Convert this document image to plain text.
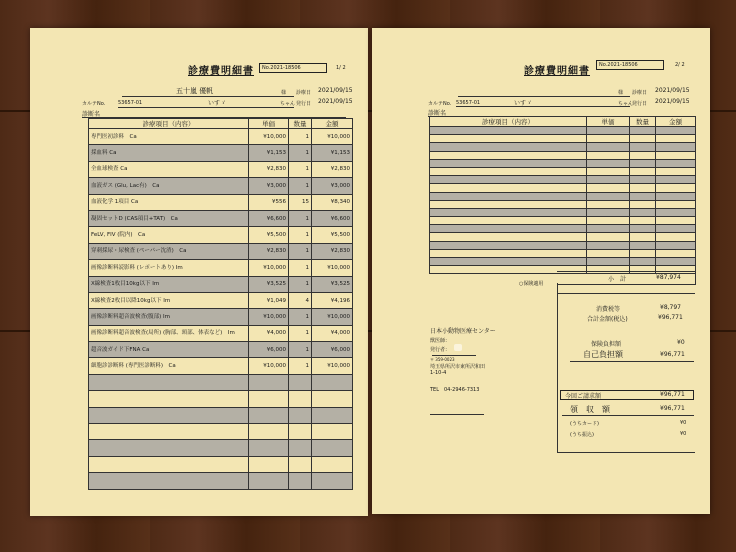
診療費明細書	No.2021-18506	1/ 2
五十嵐 優帆	様 診療日 2021/09/15
カルテNo.	53657-01	いすゞ	ちゃん 発行日 2021/09/15
診断名
診療項目（内容）	単価	数量	金額
専門医初診料　Ca	¥10,000	1	¥10,000
採血料 Ca	¥1,153	1	¥1,153
全血球検査 Ca	¥2,830	1	¥2,830
血液ガス (Glu, Lac有)　Ca	¥3,000	1	¥3,000
血液化学 1項目 Ca	¥556	15	¥8,340
凝固セットD (CAS項目+TAT)　Ca	¥6,600	1	¥6,600
FeLV, FIV (院内)　Ca	¥5,500	1	¥5,500
穿刺採尿・尿検査 (ペーパー沈渣)　Ca	¥2,830	1	¥2,830
画像診断料読影料 (レポートあり) Im	¥10,000	1	¥10,000
X線検査1枚目10kg以下 Im	¥3,525	1	¥3,525
X線検査2枚目以降10kg以下 Im	¥1,049	4	¥4,196
画像診断料超音波検査(腹部) Im	¥10,000	1	¥10,000
画像診断料超音波検査(局所) (胸部、頸部、体表など)　Im	¥4,000	1	¥4,000
超音波ガイド下FNA Ca	¥6,000	1	¥6,000
細胞診診断料 (専門医診断料)　Ca	¥10,000	1	¥10,000

診療費明細書
No.2021-18506	2/ 2
様 診療日 2021/09/15
カルテNo. 53657-01	いすゞ	ちゃん
発行日 2021/09/15
診断名
診療項目（内容）	単価	数量	金額

○保険適用
小　計	¥87,974
消費税等	¥8,797
合計金額(税込)	¥96,771
保険負担額	¥0
自己負担額	¥96,771
今回ご請求額	¥96,771
領　収　額	¥96,771
(うちカード)	¥0
(うち振込)	¥0
日本小動物医療センター
獣医師：
発行者：
〒 359-0023
埼玉県所沢市東所沢和田
1-10-4
TEL　04-2946-7313
